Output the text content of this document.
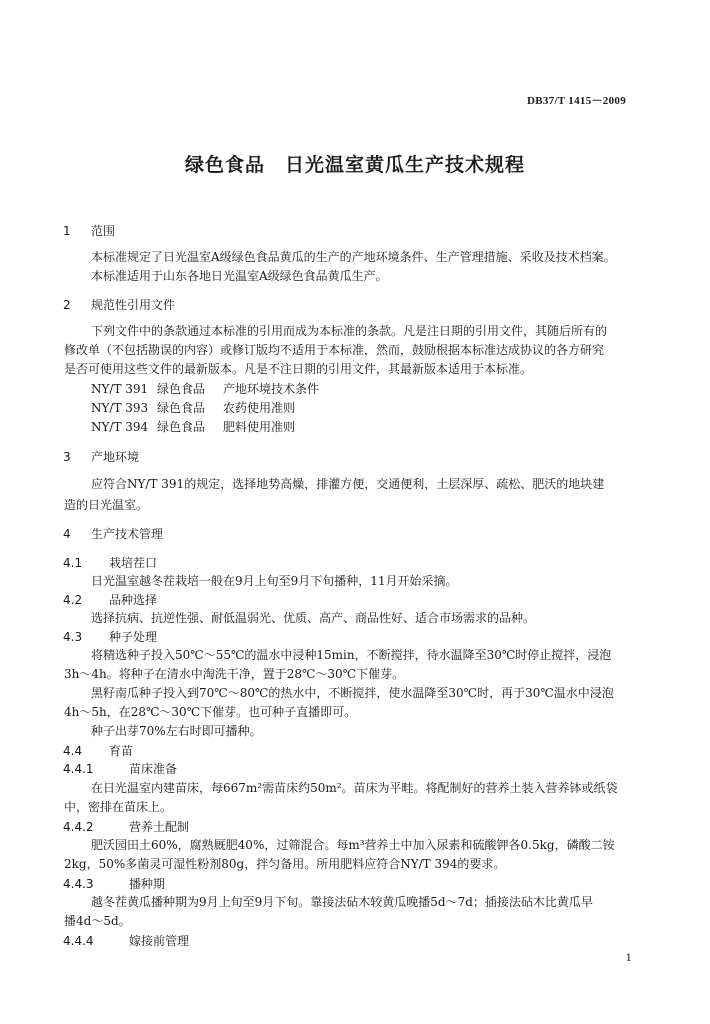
DB37/T 1415－2009
绿色食品　日光温室黄瓜生产技术规程
1 范围
本标准规定了日光温室A级绿色食品黄瓜的生产的产地环境条件、生产管理措施、采收及技术档案。
本标准适用于山东各地日光温室A级绿色食品黄瓜生产。
2 规范性引用文件
下列文件中的条款通过本标准的引用而成为本标准的条款。凡是注日期的引用文件，其随后所有的
修改单（不包括勘误的内容）或修订版均不适用于本标准，然而，鼓励根据本标准达成协议的各方研究
是否可使用这些文件的最新版本。凡是不注日期的引用文件，其最新版本适用于本标准。
NY/T 391 绿色食品 产地环境技术条件
NY/T 393 绿色食品 农药使用准则
NY/T 394 绿色食品 肥料使用准则
3 产地环境
应符合NY/T 391的规定，选择地势高燥，排灌方便，交通便利，土层深厚、疏松、肥沃的地块建
造的日光温室。
4 生产技术管理
4.1 栽培茬口
日光温室越冬茬栽培一般在9月上旬至9月下旬播种，11月开始采摘。
4.2 品种选择
选择抗病、抗逆性强、耐低温弱光、优质、高产、商品性好、适合市场需求的品种。
4.3 种子处理
将精选种子投入50℃～55℃的温水中浸种15min，不断搅拌，待水温降至30℃时停止搅拌，浸泡
3h～4h。将种子在清水中淘洗干净，置于28℃～30℃下催芽。
黑籽南瓜种子投入到70℃～80℃的热水中，不断搅拌，使水温降至30℃时，再于30℃温水中浸泡
4h～5h，在28℃～30℃下催芽。也可种子直播即可。
种子出芽70%左右时即可播种。
4.4 育苗
4.4.1	苗床准备
在日光温室内建苗床，每667m²需苗床约50m²。苗床为平畦。将配制好的营养土装入营养钵或纸袋
中，密排在苗床上。
4.4.2	营养土配制
肥沃园田土60%，腐熟厩肥40%，过筛混合。每m³营养土中加入尿素和硫酸钾各0.5kg，磷酸二铵
2kg，50%多菌灵可湿性粉剂80g，拌匀备用。所用肥料应符合NY/T 394的要求。
4.4.3	播种期
越冬茬黄瓜播种期为9月上旬至9月下旬。靠接法砧木较黄瓜晚播5d～7d；插接法砧木比黄瓜早
播4d～5d。
4.4.4	嫁接前管理
1
